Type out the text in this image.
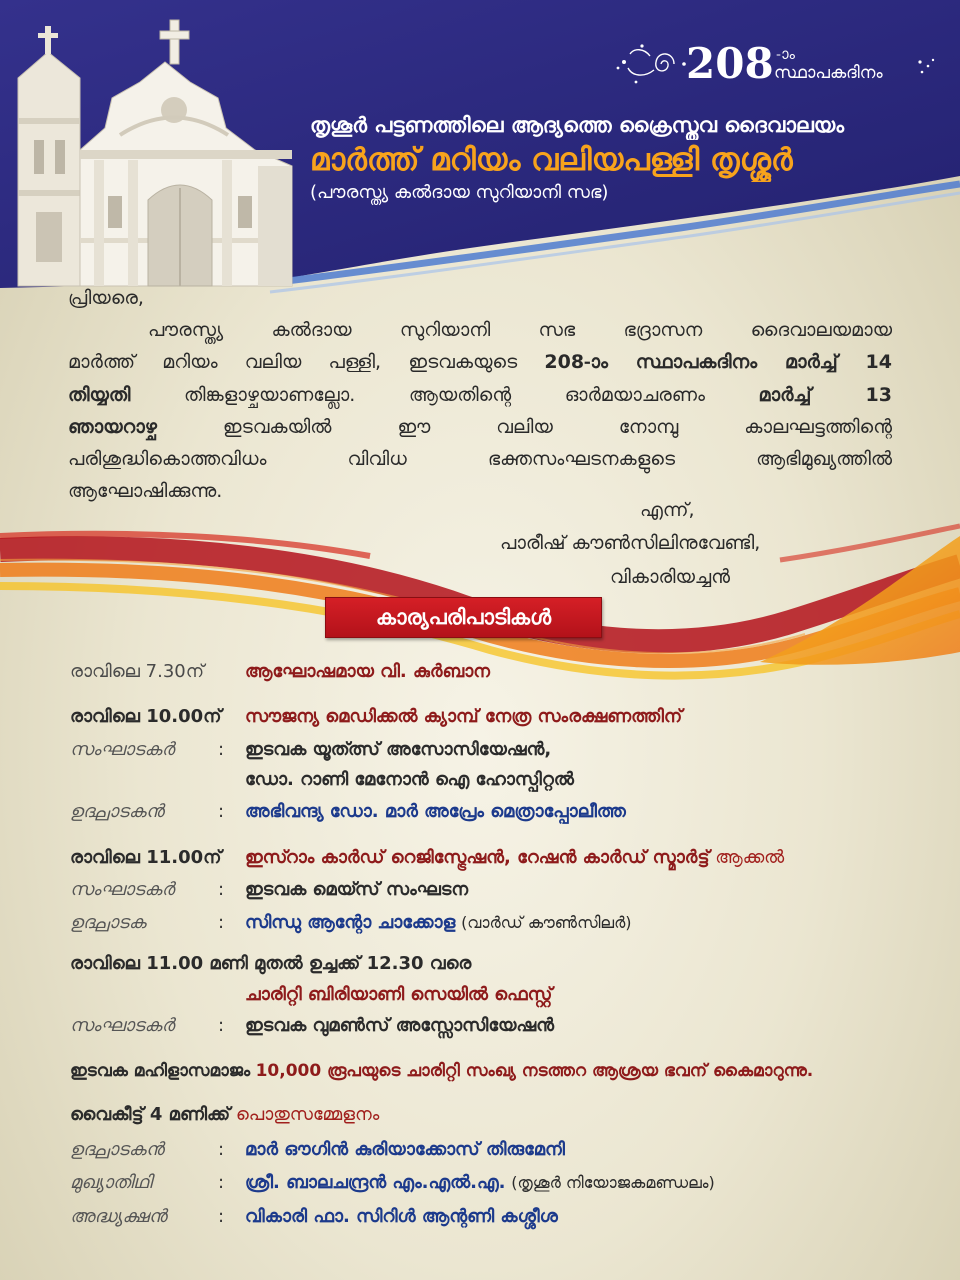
208 -ാം
സ്ഥാപകദിനം
തൃശൂർ പട്ടണത്തിലെ ആദ്യത്തെ ക്രൈസ്തവ ദൈവാലയം
മാർത്ത് മറിയം വലിയപള്ളി തൃശ്ശൂർ
(പൗരസ്ത്യ കൽദായ സുറിയാനി സഭ)
പ്രിയരെ,
പൗരസ്ത്യ കൽദായ സുറിയാനി സഭ ഭദ്രാസന ദൈവാലയമായ
മാർത്ത് മറിയം വലിയ പള്ളി, ഇടവകയുടെ 208-ാം സ്ഥാപകദിനം മാർച്ച് 14
തിയ്യതി	തിങ്കളാഴ്ചയാണല്ലോ. ആയതിന്റെ ഓർമയാചരണം	മാർച്ച് 13
ഞായറാഴ്ച	ഇടവകയിൽ ഈ വലിയ നോമ്പു കാലഘട്ടത്തിന്റെ
പരിശുദ്ധികൊത്തവിധം വിവിധ ഭക്തസംഘടനകളുടെ ആഭിമുഖ്യത്തിൽ
ആഘോഷിക്കുന്നു.
എന്ന്,
പാരീഷ് കൗൺസിലിനുവേണ്ടി,
വികാരിയച്ചൻ
കാര്യപരിപാടികൾ
രാവിലെ 7.30ന് ആഘോഷമായ വി. കുർബാന
രാവിലെ 10.00ന് സൗജന്യ മെഡിക്കൽ ക്യാമ്പ് നേത്ര സംരക്ഷണത്തിന്
സംഘാടകർ : ഇടവക യൂത്ത്സ് അസോസിയേഷൻ,
ഡോ. റാണി മേനോൻ ഐ ഹോസ്പിറ്റൽ
ഉദ്ഘാടകൻ	: അഭിവന്ദ്യ ഡോ. മാർ അപ്രേം മെത്രാപ്പോലീത്ത
രാവിലെ 11.00ന് ഇസ്റാം കാർഡ് റെജിസ്ട്രേഷൻ, റേഷൻ കാർഡ് സ്മാർട്ട് ആക്കൽ
സംഘാടകർ : ഇടവക മെയ്സ് സംഘടന
ഉദ്ഘാടക	: സിന്ധു ആന്റോ ചാക്കോള (വാർഡ് കൗൺസിലർ)
രാവിലെ 11.00 മണി മുതൽ ഉച്ചക്ക് 12.30 വരെ
ചാരിറ്റി ബിരിയാണി സെയിൽ ഫെസ്റ്റ്
സംഘാടകർ : ഇടവക വുമൺസ് അസ്സോസിയേഷൻ
ഇടവക മഹിളാസമാജം 10,000 രൂപയുടെ ചാരിറ്റി സംഖ്യ നടത്തറ ആശ്രയ ഭവന് കൈമാറുന്നു.
വൈകീട്ട് 4 മണിക്ക് പൊതുസമ്മേളനം
ഉദ്ഘാടകൻ	: മാർ ഔഗിൻ കുരിയാക്കോസ് തിരുമേനി
മുഖ്യാതിഥി	: ശ്രീ. ബാലചന്ദ്രൻ എം.എൽ.എ. (തൃശൂർ നിയോജകമണ്ഡലം)
അദ്ധ്യക്ഷൻ	: വികാരി ഫാ. സിറിൾ ആന്റണി കശ്ശീശ
